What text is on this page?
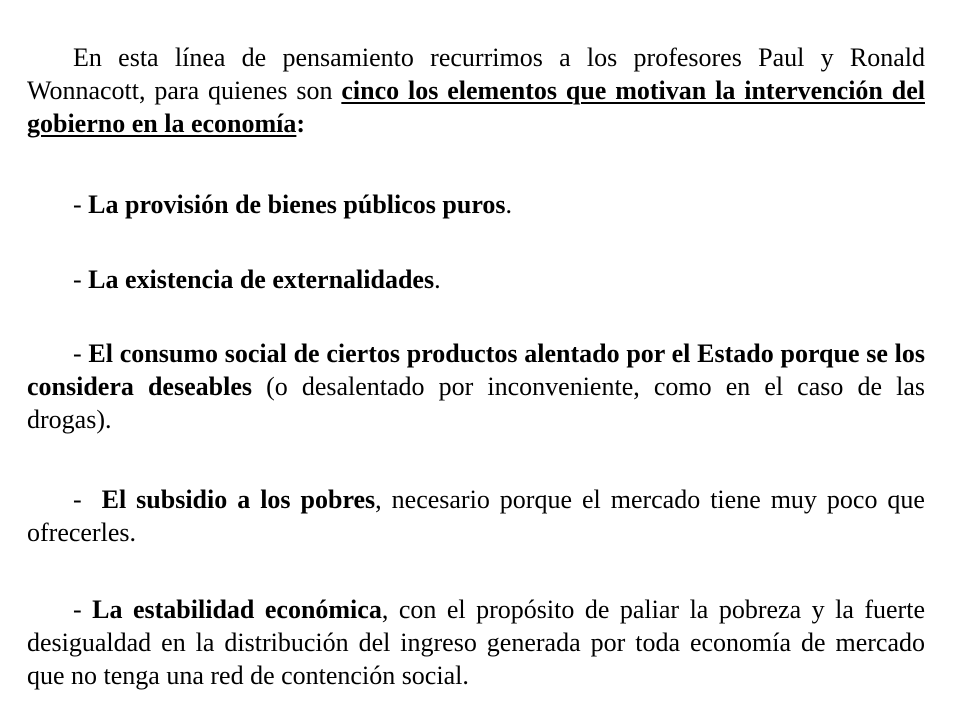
En esta línea de pensamiento recurrimos a los profesores Paul y Ronald Wonnacott, para quienes son cinco los elementos que motivan la intervención del gobierno en la economía:

- La provisión de bienes públicos puros.

- La existencia de externalidades.

- El consumo social de ciertos productos alentado por el Estado porque se los considera deseables (o desalentado por inconveniente, como en el caso de las drogas).

-  El subsidio a los pobres, necesario porque el mercado tiene muy poco que ofrecerles.

- La estabilidad económica, con el propósito de paliar la pobreza y la fuerte desigualdad en la distribución del ingreso generada por toda economía de mercado que no tenga una red de contención social.
